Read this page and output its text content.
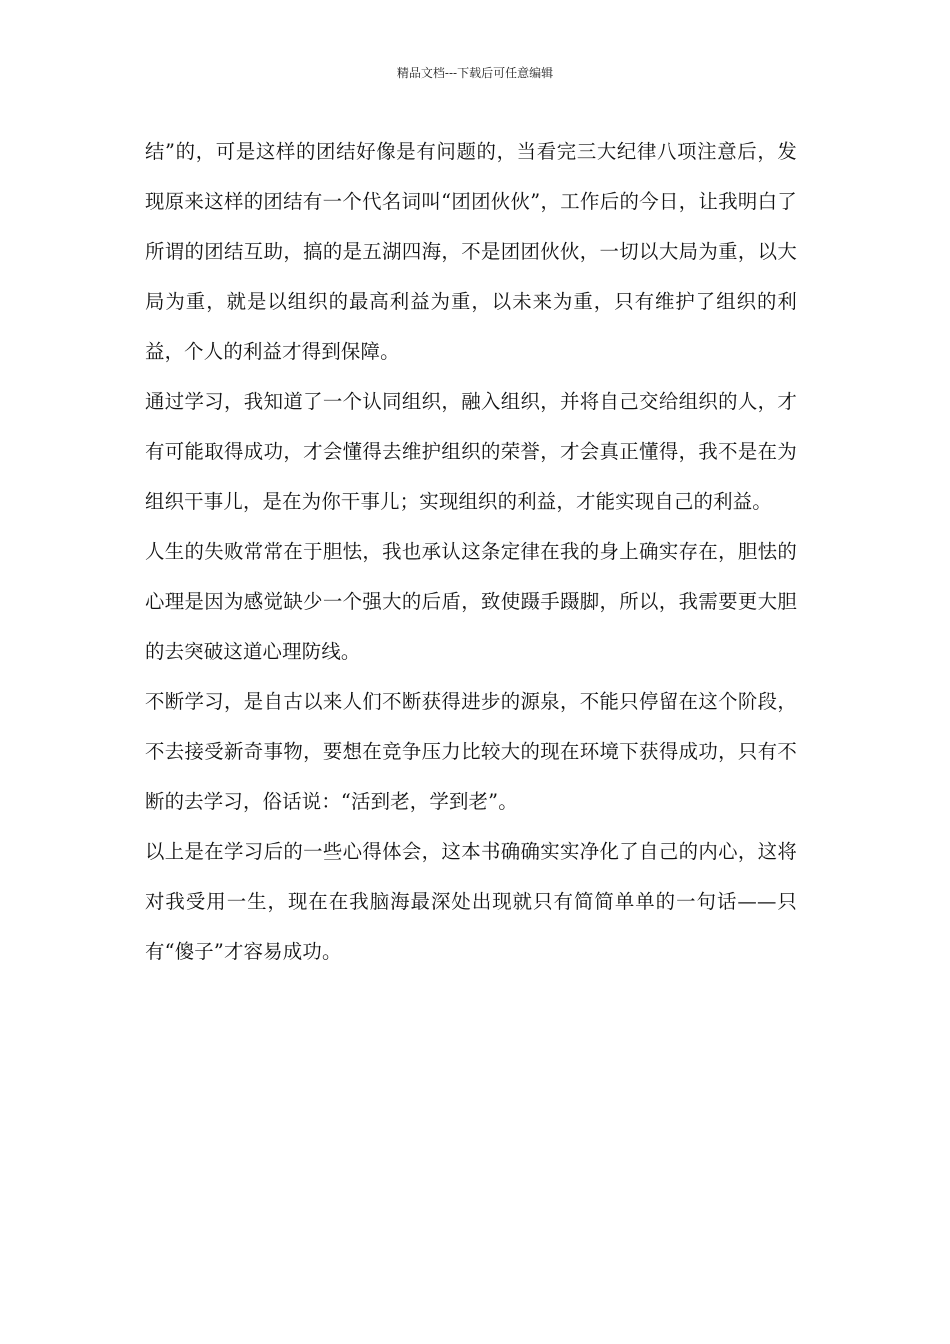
精品文档---下载后可任意编辑

结”的，可是这样的团结好像是有问题的，当看完三大纪律八项注意后，发现原来这样的团结有一个代名词叫“团团伙伙”，工作后的今日，让我明白了所谓的团结互助，搞的是五湖四海，不是团团伙伙，一切以大局为重，以大局为重，就是以组织的最高利益为重，以未来为重，只有维护了组织的利益，个人的利益才得到保障。

通过学习，我知道了一个认同组织，融入组织，并将自己交给组织的人，才有可能取得成功，才会懂得去维护组织的荣誉，才会真正懂得，我不是在为组织干事儿，是在为你干事儿；实现组织的利益，才能实现自己的利益。

人生的失败常常在于胆怯，我也承认这条定律在我的身上确实存在，胆怯的心理是因为感觉缺少一个强大的后盾，致使蹑手蹑脚，所以，我需要更大胆的去突破这道心理防线。

不断学习，是自古以来人们不断获得进步的源泉，不能只停留在这个阶段，不去接受新奇事物，要想在竞争压力比较大的现在环境下获得成功，只有不断的去学习，俗话说：“活到老，学到老”。

以上是在学习后的一些心得体会，这本书确确实实净化了自己的内心，这将对我受用一生，现在在我脑海最深处出现就只有简简单单的一句话——只有“傻子”才容易成功。
